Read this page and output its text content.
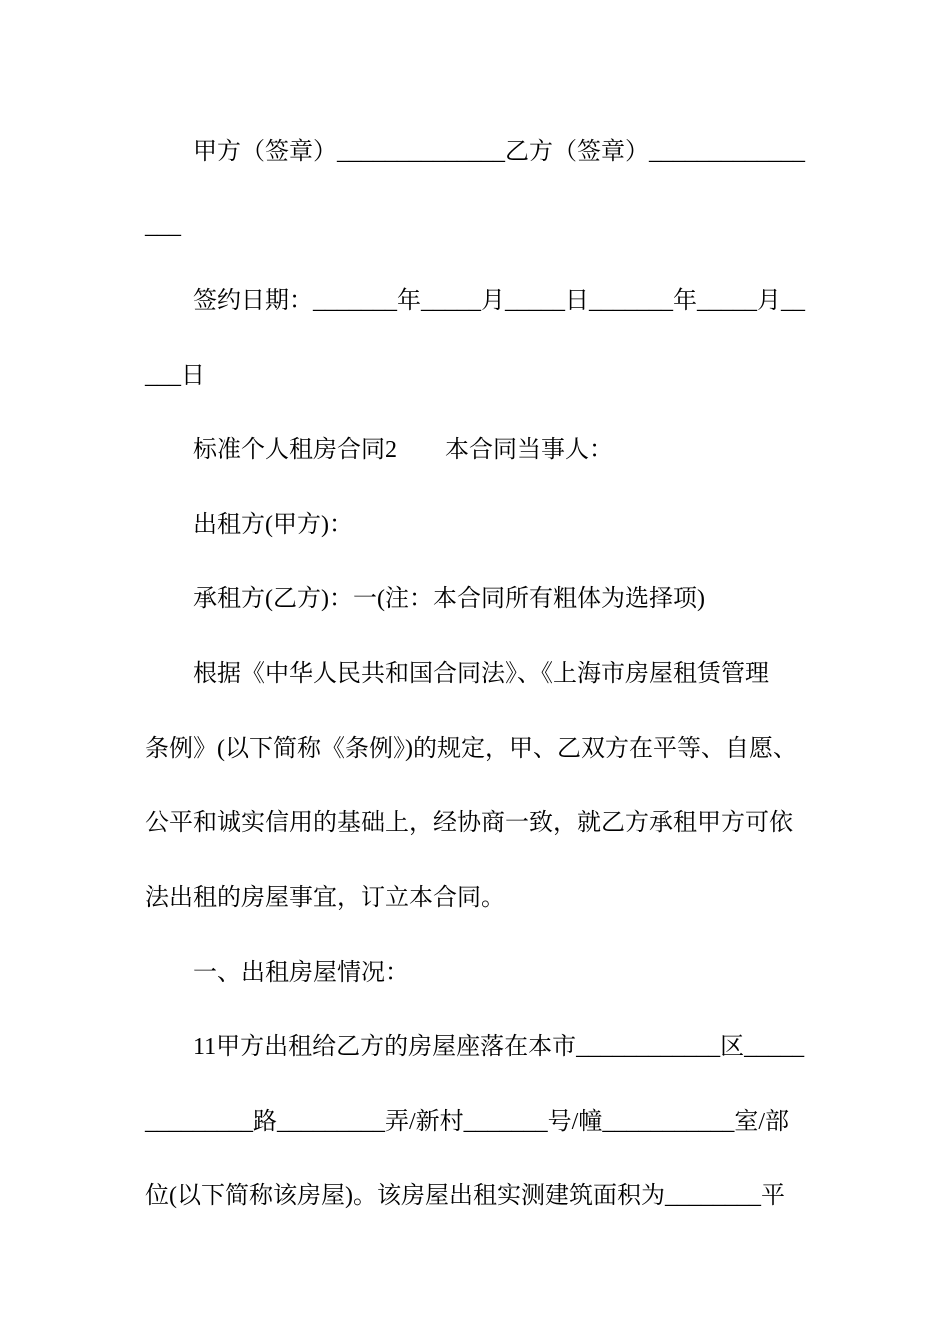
甲方（签章）______________乙方（签章）_____________
___
签约日期：_______年_____月_____日_______年_____月__
___日
标准个人租房合同2　　本合同当事人：
出租方(甲方)：
承租方(乙方)：一(注：本合同所有粗体为选择项)
根据《中华人民共和国合同法》、《上海市房屋租赁管理
条例》(以下简称《条例》)的规定，甲、乙双方在平等、自愿、
公平和诚实信用的基础上，经协商一致，就乙方承租甲方可依
法出租的房屋事宜，订立本合同。
一、出租房屋情况：
11甲方出租给乙方的房屋座落在本市____________区_____
_________路_________弄/新村_______号/幢___________室/部
位(以下简称该房屋)。该房屋出租实测建筑面积为________平
